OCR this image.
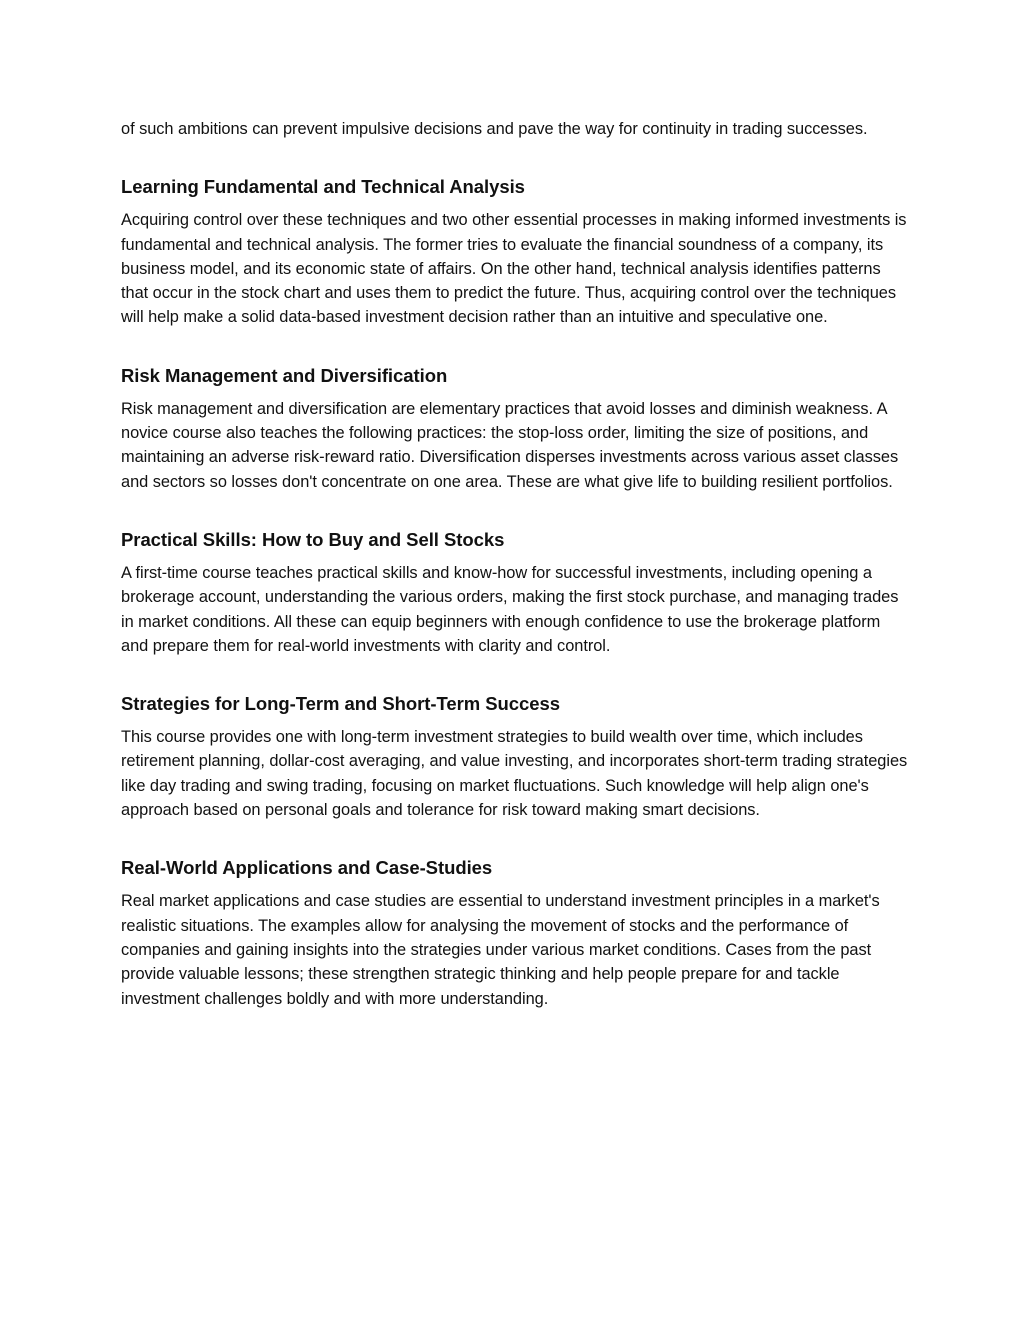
of such ambitions can prevent impulsive decisions and pave the way for continuity in trading successes.

Learning Fundamental and Technical Analysis

Acquiring control over these techniques and two other essential processes in making informed investments is fundamental and technical analysis. The former tries to evaluate the financial soundness of a company, its business model, and its economic state of affairs. On the other hand, technical analysis identifies patterns that occur in the stock chart and uses them to predict the future. Thus, acquiring control over the techniques will help make a solid data-based investment decision rather than an intuitive and speculative one.

Risk Management and Diversification

Risk management and diversification are elementary practices that avoid losses and diminish weakness. A novice course also teaches the following practices: the stop-loss order, limiting the size of positions, and maintaining an adverse risk-reward ratio. Diversification disperses investments across various asset classes and sectors so losses don't concentrate on one area. These are what give life to building resilient portfolios.

Practical Skills: How to Buy and Sell Stocks

A first-time course teaches practical skills and know-how for successful investments, including opening a brokerage account, understanding the various orders, making the first stock purchase, and managing trades in market conditions. All these can equip beginners with enough confidence to use the brokerage platform and prepare them for real-world investments with clarity and control.

Strategies for Long-Term and Short-Term Success

This course provides one with long-term investment strategies to build wealth over time, which includes retirement planning, dollar-cost averaging, and value investing, and incorporates short-term trading strategies like day trading and swing trading, focusing on market fluctuations. Such knowledge will help align one's approach based on personal goals and tolerance for risk toward making smart decisions.

Real-World Applications and Case-Studies

Real market applications and case studies are essential to understand investment principles in a market's realistic situations. The examples allow for analysing the movement of stocks and the performance of companies and gaining insights into the strategies under various market conditions. Cases from the past provide valuable lessons; these strengthen strategic thinking and help people prepare for and tackle investment challenges boldly and with more understanding.
